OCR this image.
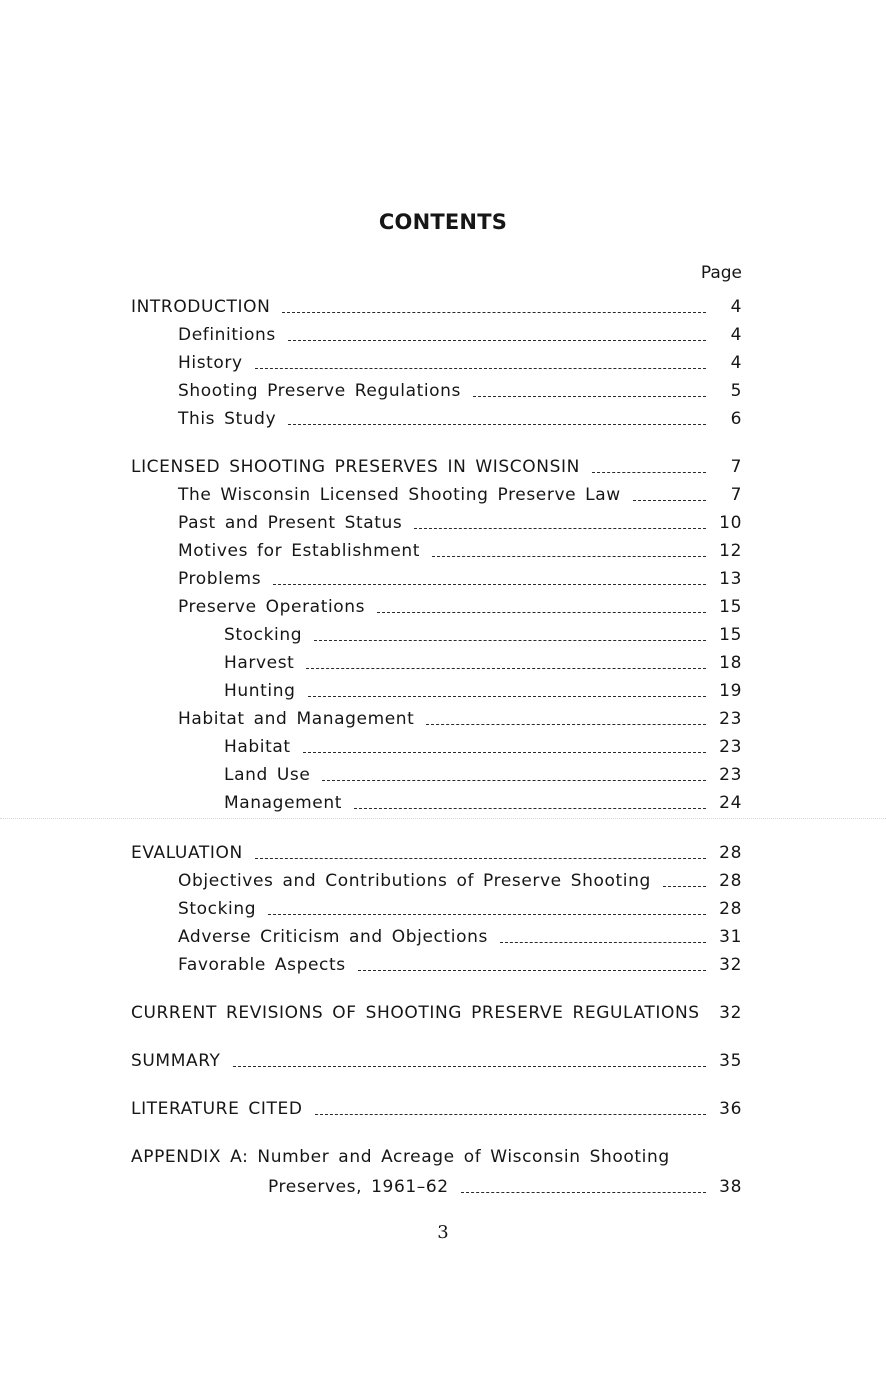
CONTENTS
Page
INTRODUCTION	4
Definitions	4
History	4
Shooting Preserve Regulations	5
This Study	6
LICENSED SHOOTING PRESERVES IN WISCONSIN	7
The Wisconsin Licensed Shooting Preserve Law	7
Past and Present Status	10
Motives for Establishment	12
Problems	13
Preserve Operations	15
Stocking	15
Harvest	18
Hunting	19
Habitat and Management	23
Habitat	23
Land Use	23
Management	24
EVALUATION	28
Objectives and Contributions of Preserve Shooting	28
Stocking	28
Adverse Criticism and Objections	31
Favorable Aspects	32
CURRENT REVISIONS OF SHOOTING PRESERVE REGULATIONS	32
SUMMARY	35
LITERATURE CITED	36
APPENDIX A: Number and Acreage of Wisconsin Shooting
Preserves, 1961–62	38
3
